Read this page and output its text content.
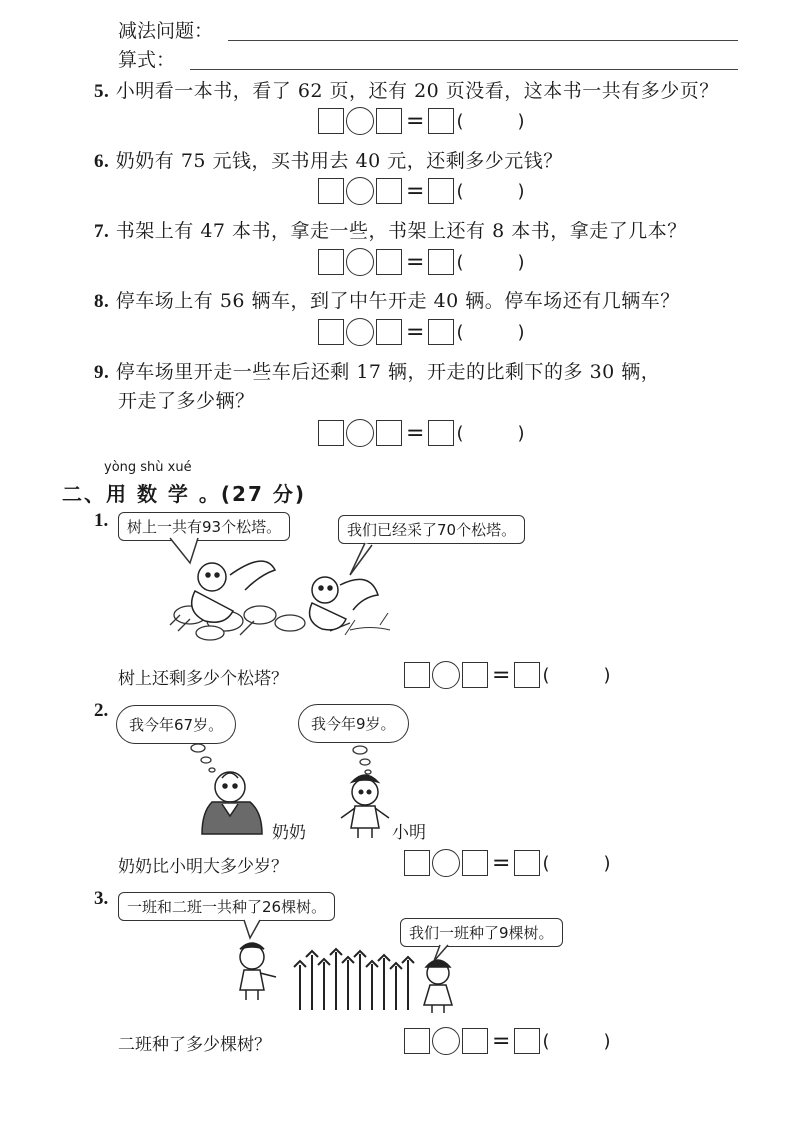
减法问题：
算式：
5. 小明看一本书，看了 62 页，还有 20 页没看，这本书一共有多少页？
= (	)
6. 奶奶有 75 元钱，买书用去 40 元，还剩多少元钱？
= (	)
7. 书架上有 47 本书，拿走一些，书架上还有 8 本书，拿走了几本？
= (	)
8. 停车场上有 56 辆车，到了中午开走 40 辆。停车场还有几辆车？
= (	)
9. 停车场里开走一些车后还剩 17 辆，开走的比剩下的多 30 辆，
开走了多少辆？
= (	)
yòng shù xué
二、用 数 学 。(27 分)
1.	树上一共有93个松塔。	我们已经采了70个松塔。
树上还剩多少个松塔？	= (	)
2.
我今年67岁。	我今年9岁。
奶奶	小明
奶奶比小明大多少岁？	= (	)
3.	一班和二班一共种了26棵树。
我们一班种了9棵树。
二班种了多少棵树？	= (	)
